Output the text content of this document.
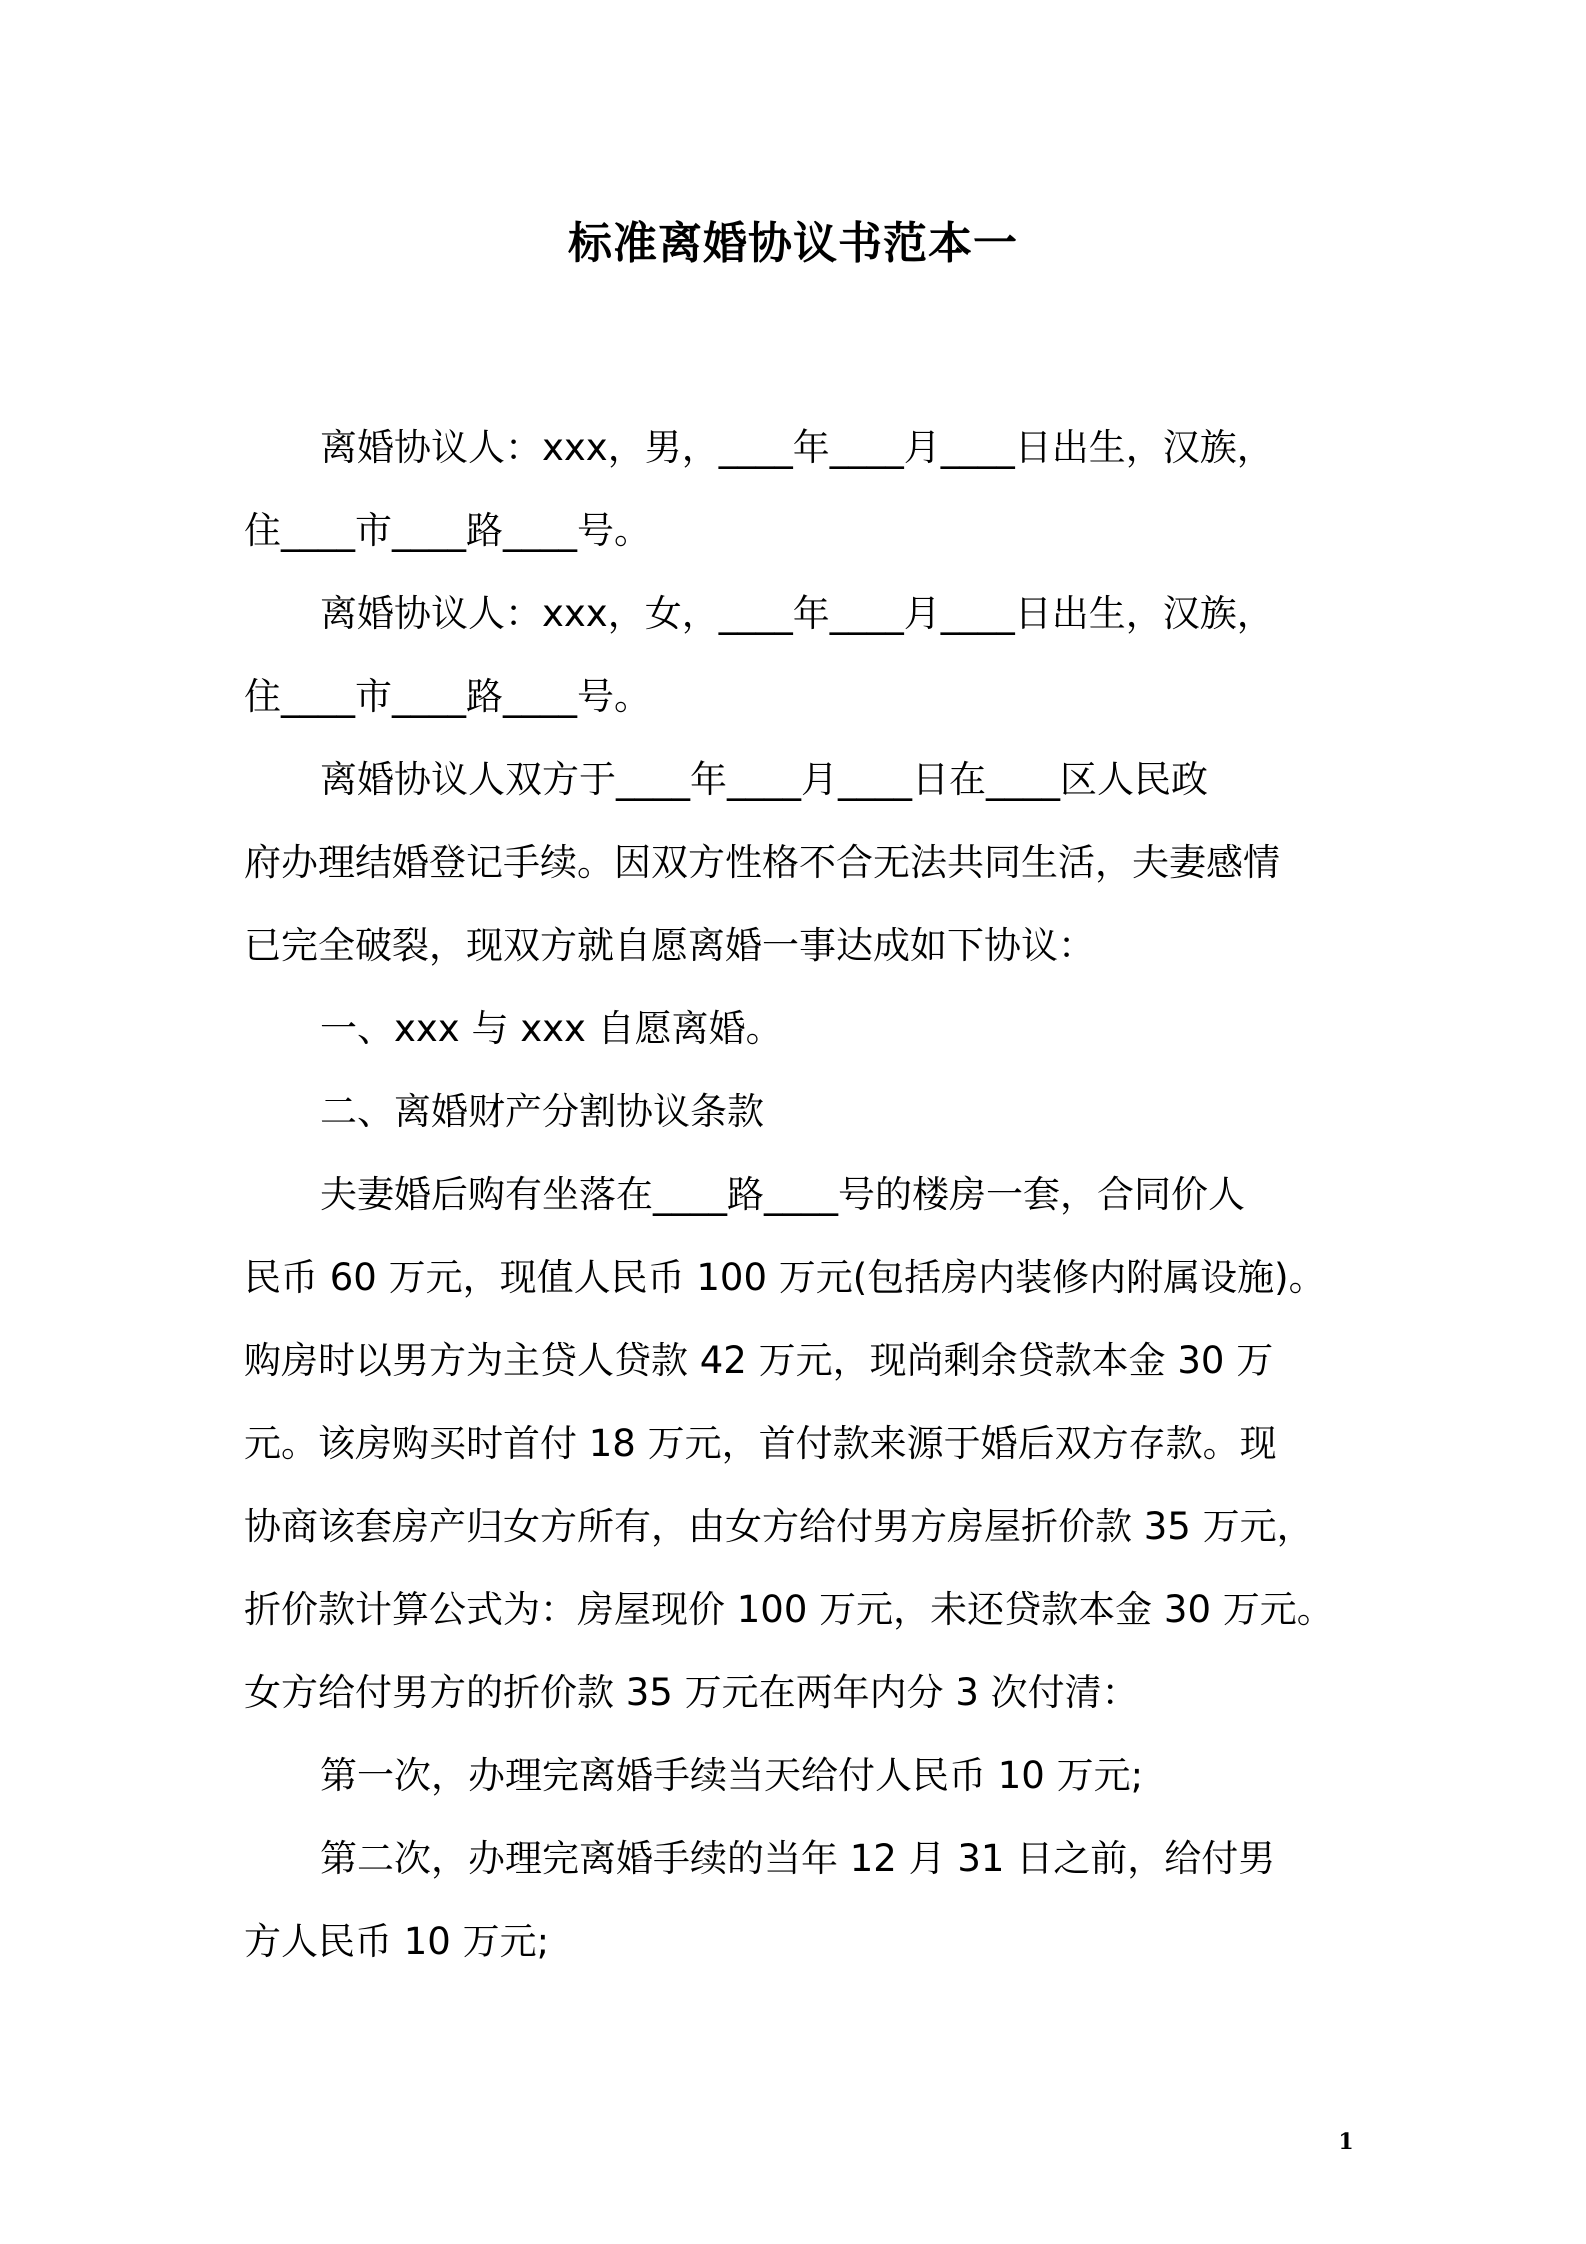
标准离婚协议书范本一
离婚协议人：xxx，男，____年____月____日出生，汉族，
住____市____路____号。
离婚协议人：xxx，女，____年____月____日出生，汉族，
住____市____路____号。
离婚协议人双方于____年____月____日在____区人民政
府办理结婚登记手续。因双方性格不合无法共同生活，夫妻感情
已完全破裂，现双方就自愿离婚一事达成如下协议：
一、xxx 与 xxx 自愿离婚。
二、离婚财产分割协议条款
夫妻婚后购有坐落在____路____号的楼房一套，合同价人
民币 60 万元，现值人民币 100 万元(包括房内装修内附属设施)。
购房时以男方为主贷人贷款 42 万元，现尚剩余贷款本金 30 万
元。该房购买时首付 18 万元，首付款来源于婚后双方存款。现
协商该套房产归女方所有，由女方给付男方房屋折价款 35 万元，
折价款计算公式为：房屋现价 100 万元，未还贷款本金 30 万元。
女方给付男方的折价款 35 万元在两年内分 3 次付清：
第一次，办理完离婚手续当天给付人民币 10 万元;
第二次，办理完离婚手续的当年 12 月 31 日之前，给付男
方人民币 10 万元;
1
